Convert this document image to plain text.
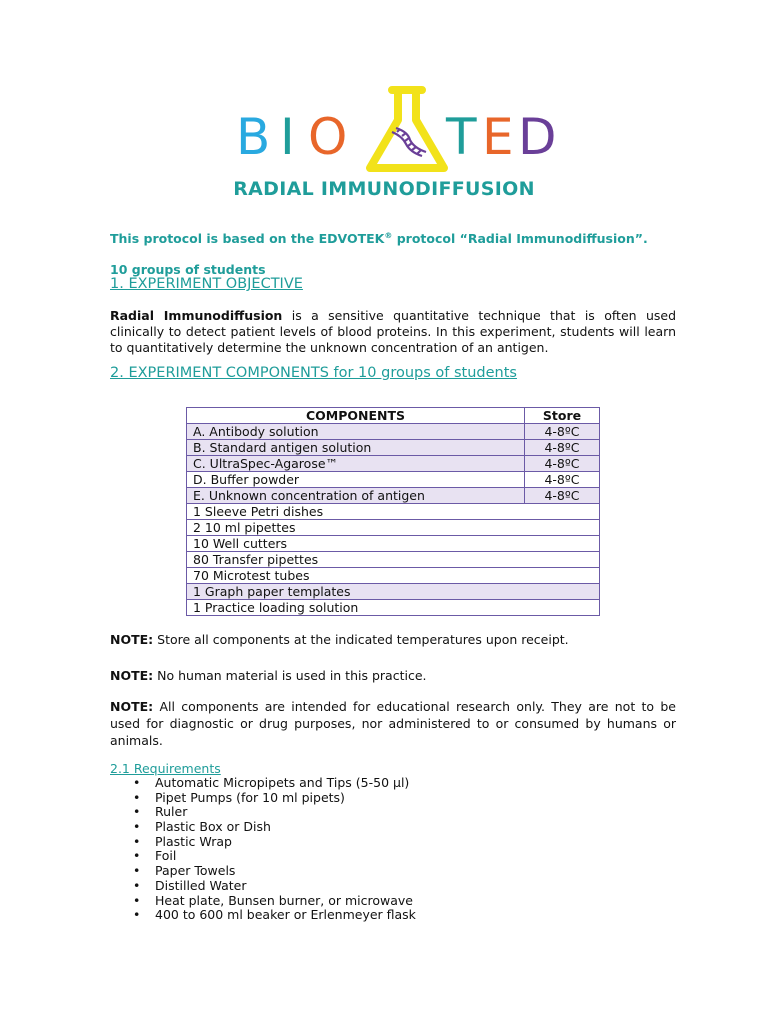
B I O T E D
RADIAL IMMUNODIFFUSION
This protocol is based on the EDVOTEK® protocol “Radial Immunodiffusion”.
10 groups of students
1. EXPERIMENT OBJECTIVE
Radial Immunodiffusion is a sensitive quantitative technique that is often used clinically to detect patient levels of blood proteins. In this experiment, students will learn to quantitatively determine the unknown concentration of an antigen.
2. EXPERIMENT COMPONENTS for 10 groups of students
COMPONENTS	Store
A. Antibody solution	4-8ºC
B. Standard antigen solution	4-8ºC
C. UltraSpec-Agarose™	4-8ºC
D. Buffer powder	4-8ºC
E. Unknown concentration of antigen	4-8ºC
1 Sleeve Petri dishes	
2 10 ml pipettes	
10 Well cutters	
80 Transfer pipettes	
70 Microtest tubes	
1 Graph paper templates	
1 Practice loading solution	
NOTE: Store all components at the indicated temperatures upon receipt.
NOTE: No human material is used in this practice.
NOTE: All components are intended for educational research only. They are not to be used for diagnostic or drug purposes, nor administered to or consumed by humans or animals.
2.1 Requirements
• Automatic Micropipets and Tips (5-50 µl)
• Pipet Pumps (for 10 ml pipets)
• Ruler
• Plastic Box or Dish
• Plastic Wrap
• Foil
• Paper Towels
• Distilled Water
• Heat plate, Bunsen burner, or microwave
• 400 to 600 ml beaker or Erlenmeyer flask
